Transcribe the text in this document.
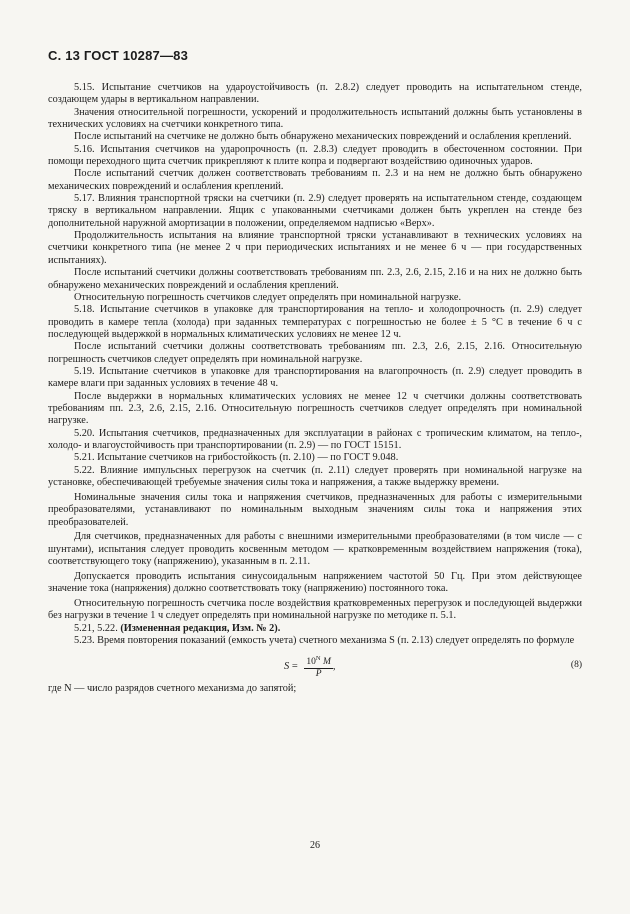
С. 13 ГОСТ 10287—83

5.15. Испытание счетчиков на удароустойчивость (п. 2.8.2) следует проводить на испытательном стенде, создающем удары в вертикальном направлении.

Значения относительной погрешности, ускорений и продолжительность испытаний должны быть установлены в технических условиях на счетчики конкретного типа.

После испытаний на счетчике не должно быть обнаружено механических повреждений и ослабления креплений.

5.16. Испытания счетчиков на ударопрочность (п. 2.8.3) следует проводить в обесточенном состоянии. При помощи переходного щита счетчик прикрепляют к плите копра и подвергают воздействию одиночных ударов.

После испытаний счетчик должен соответствовать требованиям п. 2.3 и на нем не должно быть обнаружено механических повреждений и ослабления креплений.

5.17. Влияния транспортной тряски на счетчики (п. 2.9) следует проверять на испытательном стенде, создающем тряску в вертикальном направлении. Ящик с упакованными счетчиками должен быть укреплен на стенде без дополнительной наружной амортизации в положении, определяемом надписью «Верх».

Продолжительность испытания на влияние транспортной тряски устанавливают в технических условиях на счетчики конкретного типа (не менее 2 ч при периодических испытаниях и не менее 6 ч — при государственных испытаниях).

После испытаний счетчики должны соответствовать требованиям пп. 2.3, 2.6, 2.15, 2.16 и на них не должно быть обнаружено механических повреждений и ослабления креплений.

Относительную погрешность счетчиков следует определять при номинальной нагрузке.

5.18. Испытание счетчиков в упаковке для транспортирования на тепло- и холодопрочность (п. 2.9) следует проводить в камере тепла (холода) при заданных температурах с погрешностью не более ± 5 °С в течение 6 ч с последующей выдержкой в нормальных климатических условиях не менее 12 ч.

После испытаний счетчики должны соответствовать требованиям пп. 2.3, 2.6, 2.15, 2.16. Относительную погрешность счетчиков следует определять при номинальной нагрузке.

5.19. Испытание счетчиков в упаковке для транспортирования на влагопрочность (п. 2.9) следует проводить в камере влаги при заданных условиях в течение 48 ч.

После выдержки в нормальных климатических условиях не менее 12 ч счетчики должны соответствовать требованиям пп. 2.3, 2.6, 2.15, 2.16. Относительную погрешность счетчиков следует определять при номинальной нагрузке.

5.20. Испытания счетчиков, предназначенных для эксплуатации в районах с тропическим климатом, на тепло-, холодо- и влагоустойчивость при транспортировании (п. 2.9) — по ГОСТ 15151.

5.21. Испытание счетчиков на грибостойкость (п. 2.10) — по ГОСТ 9.048.

5.22. Влияние импульсных перегрузок на счетчик (п. 2.11) следует проверять при номинальной нагрузке на установке, обеспечивающей требуемые значения силы тока и напряжения, а также выдержку времени.

Номинальные значения силы тока и напряжения счетчиков, предназначенных для работы с измерительными преобразователями, устанавливают по номинальным выходным значениям силы тока и напряжения этих преобразователей.

Для счетчиков, предназначенных для работы с внешними измерительными преобразователями (в том числе — с шунтами), испытания следует проводить косвенным методом — кратковременным воздействием напряжения (тока), соответствующего току (напряжению), указанным в п. 2.11.

Допускается проводить испытания синусоидальным напряжением частотой 50 Гц. При этом действующее значение тока (напряжения) должно соответствовать току (напряжению) постоянного тока.

Относительную погрешность счетчика после воздействия кратковременных перегрузок и последующей выдержки без нагрузки в течение 1 ч следует определять при номинальной нагрузке по методике п. 5.1.

5.21, 5.22. (Измененная редакция, Изм. № 2).

5.23. Время повторения показаний (емкость учета) счетного механизма S (п. 2.13) следует определять по формуле

$S = \frac{10^N M}{P}$ ,	(8)

где N — число разрядов счетного механизма до запятой;

26
